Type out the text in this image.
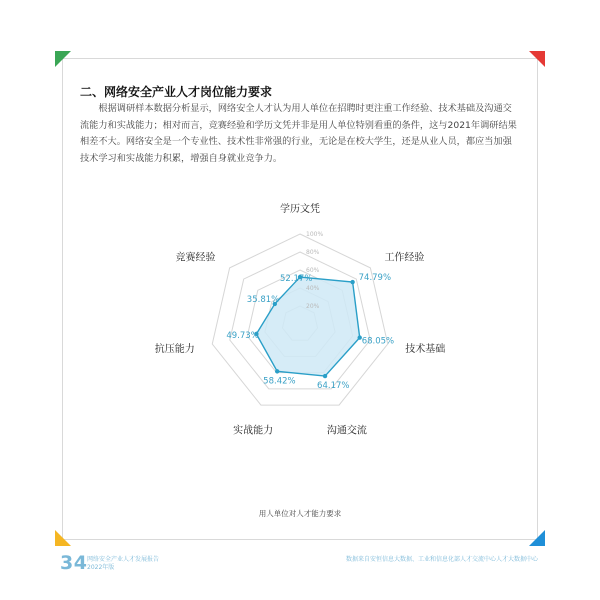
二、网络安全产业人才岗位能力要求

根据调研样本数据分析显示，网络安全人才认为用人单位在招聘时更注重工作经验、技术基础及沟通交流能力和实战能力；相对而言，竞赛经验和学历文凭并非是用人单位特别看重的条件，这与2021年调研结果相差不大。网络安全是一个专业性、技术性非常强的行业，无论是在校大学生，还是从业人员，都应当加强技术学习和实战能力积累，增强自身就业竞争力。

20%
40%
60%
80%
100%
52.17%	74.79%
68.05%
64.17%
58.42%
49.73%
35.81%
学历文凭
工作经验
技术基础
沟通交流
实战能力
抗压能力
竞赛经验
用人单位对人才能力要求
34 网络安全产业人才发展报告
2022年版
数据来自安恒信息大数据、工业和信息化部人才交流中心人才大数据中心
